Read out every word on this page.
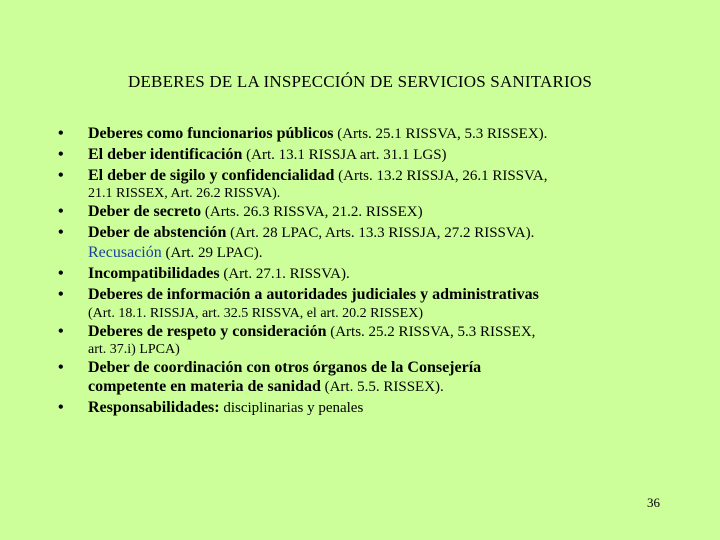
DEBERES DE LA INSPECCIÓN DE SERVICIOS SANITARIOS
• Deberes como funcionarios públicos (Arts. 25.1 RISSVA, 5.3 RISSEX).
• El deber identificación (Art. 13.1 RISSJA art. 31.1 LGS)
• El deber de sigilo y confidencialidad (Arts. 13.2 RISSJA, 26.1 RISSVA,
21.1 RISSEX, Art. 26.2 RISSVA).
• Deber de secreto (Arts. 26.3 RISSVA, 21.2. RISSEX)
• Deber de abstención (Art. 28 LPAC, Arts. 13.3 RISSJA, 27.2 RISSVA).
Recusación (Art. 29 LPAC).
• Incompatibilidades (Art. 27.1. RISSVA).
• Deberes de información a autoridades judiciales y administrativas
(Art. 18.1. RISSJA, art. 32.5 RISSVA, el art. 20.2 RISSEX)
• Deberes de respeto y consideración (Arts. 25.2 RISSVA, 5.3 RISSEX,
art. 37.i) LPCA)
• Deber de coordinación con otros órganos de la Consejería
competente en materia de sanidad (Art. 5.5. RISSEX).
• Responsabilidades: disciplinarias y penales
36
